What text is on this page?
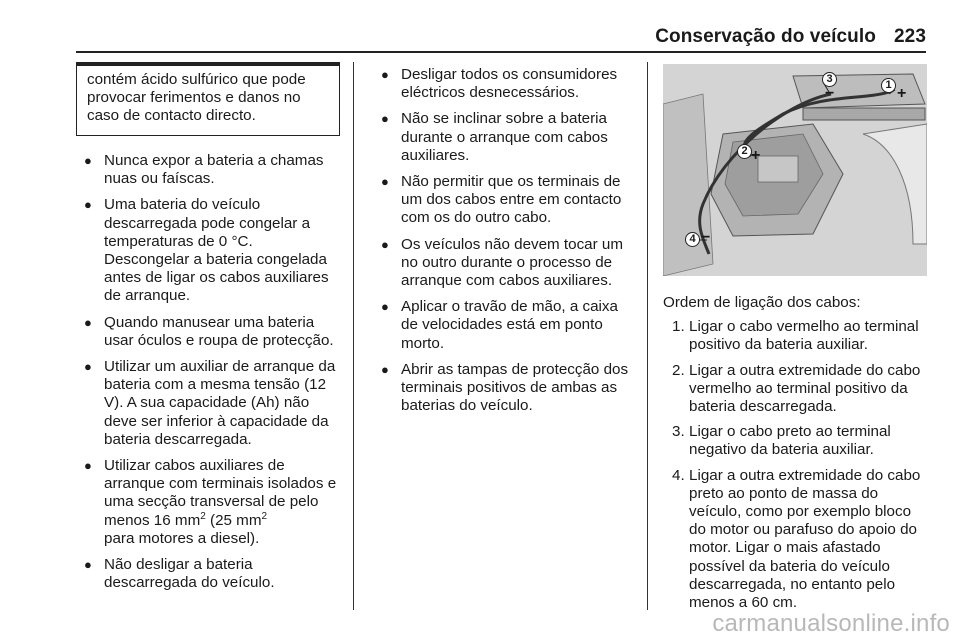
Conservação do veículo 223
contém ácido sulfúrico que pode provocar ferimentos e danos no caso de contacto directo.
● Nunca expor a bateria a chamas nuas ou faíscas.
● Uma bateria do veículo descarregada pode congelar a temperaturas de 0 °C. Descongelar a bateria congelada antes de ligar os cabos auxiliares de arranque.
● Quando manusear uma bateria usar óculos e roupa de protecção.
● Utilizar um auxiliar de arranque da bateria com a mesma tensão (12 V). A sua capacidade (Ah) não deve ser inferior à capacidade da bateria descarregada.
● Utilizar cabos auxiliares de arranque com terminais isolados e uma secção transversal de pelo menos 16 $mm^2$ (25 $mm^2$
para motores a diesel).
● Não desligar a bateria descarregada do veículo.
● Desligar todos os consumidores eléctricos desnecessários.
● Não se inclinar sobre a bateria durante o arranque com cabos auxiliares.
● Não permitir que os terminais de um dos cabos entre em contacto com os do outro cabo.
● Os veículos não devem tocar um no outro durante o processo de arranque com cabos auxiliares.
● Aplicar o travão de mão, a caixa de velocidades está em ponto morto.
● Abrir as tampas de protecção dos terminais positivos de ambas as baterias do veículo.
1 +
3
−
2 +
4 −
Ordem de ligação dos cabos:
1. Ligar o cabo vermelho ao terminal positivo da bateria auxiliar.
2. Ligar a outra extremidade do cabo vermelho ao terminal positivo da bateria descarregada.
3. Ligar o cabo preto ao terminal negativo da bateria auxiliar.
4. Ligar a outra extremidade do cabo preto ao ponto de massa do veículo, como por exemplo bloco do motor ou parafuso do apoio do motor. Ligar o mais afastado possível da bateria do veículo descarregada, no entanto pelo menos a 60 cm.
carmanualsonline.info
